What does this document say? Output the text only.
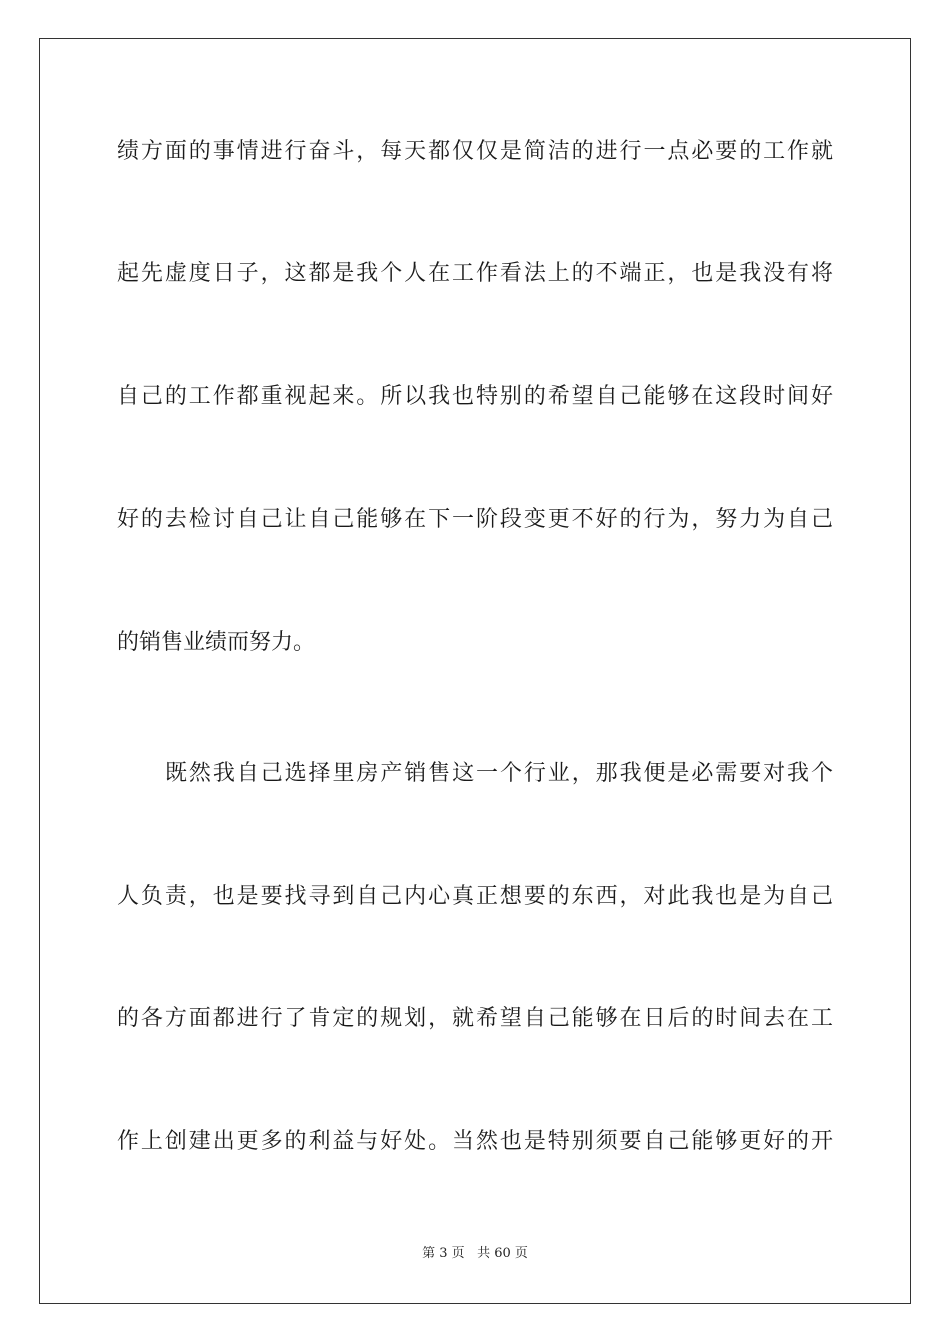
绩方面的事情进行奋斗，每天都仅仅是简洁的进行一点必要的工作就
起先虚度日子，这都是我个人在工作看法上的不端正，也是我没有将
自己的工作都重视起来。所以我也特别的希望自己能够在这段时间好
好的去检讨自己让自己能够在下一阶段变更不好的行为，努力为自己
的销售业绩而努力。
既然我自己选择里房产销售这一个行业，那我便是必需要对我个
人负责，也是要找寻到自己内心真正想要的东西，对此我也是为自己
的各方面都进行了肯定的规划，就希望自己能够在日后的时间去在工
作上创建出更多的利益与好处。当然也是特别须要自己能够更好的开
第 3 页 共 60 页
